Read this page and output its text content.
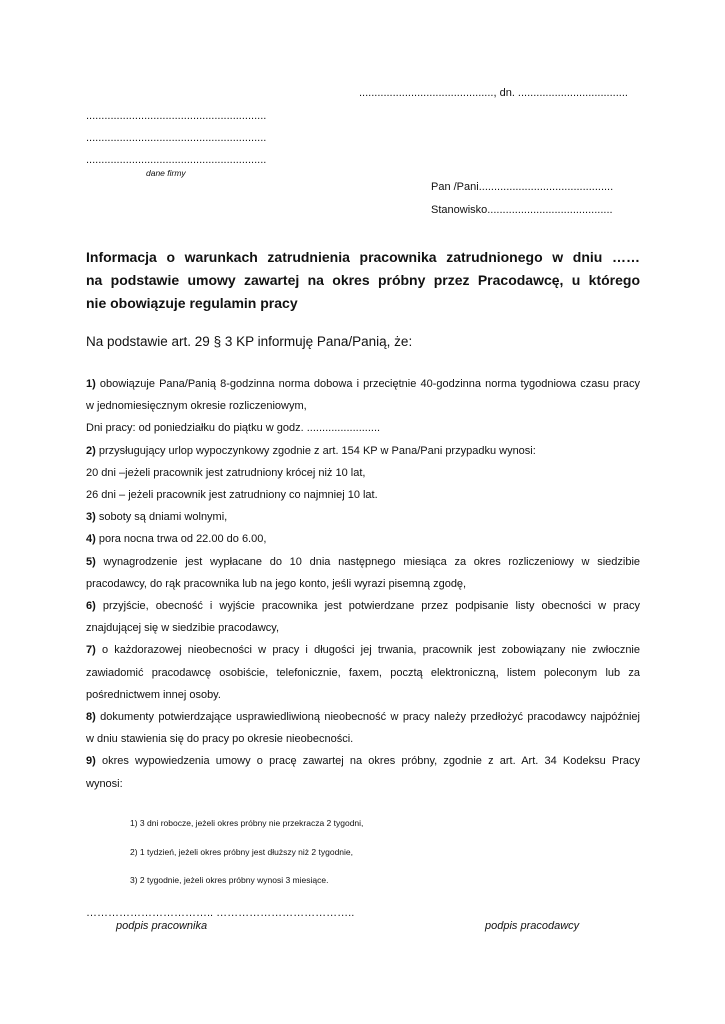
............................................, dn. ....................................
...........................................................
...........................................................
...........................................................
dane firmy
Pan /Pani............................................
Stanowisko.........................................
Informacja o warunkach zatrudnienia pracownika zatrudnionego w dniu ……
na podstawie umowy zawartej na okres próbny przez Pracodawcę, u którego
nie obowiązuje regulamin pracy
Na podstawie art. 29 § 3 KP informuję Pana/Panią, że:
1) obowiązuje Pana/Panią 8-godzinna norma dobowa i przeciętnie 40-godzinna norma tygodniowa czasu pracy
w jednomiesięcznym okresie rozliczeniowym,
Dni pracy: od poniedziałku do piątku w godz. ........................
2) przysługujący urlop wypoczynkowy zgodnie z art. 154 KP w Pana/Pani przypadku wynosi:
20 dni –jeżeli pracownik jest zatrudniony krócej niż 10 lat,
26 dni – jeżeli pracownik jest zatrudniony co najmniej 10 lat.
3) soboty są dniami wolnymi,
4) pora nocna trwa od 22.00 do 6.00,
5) wynagrodzenie jest wypłacane do 10 dnia następnego miesiąca za okres rozliczeniowy w siedzibie
pracodawcy, do rąk pracownika lub na jego konto, jeśli wyrazi pisemną zgodę,
6) przyjście, obecność i wyjście pracownika jest potwierdzane przez podpisanie listy obecności w pracy
znajdującej się w siedzibie pracodawcy,
7) o każdorazowej nieobecności w pracy i długości jej trwania, pracownik jest zobowiązany nie zwłocznie
zawiadomić pracodawcę osobiście, telefonicznie, faxem, pocztą elektroniczną, listem poleconym lub za
pośrednictwem innej osoby.
8) dokumenty potwierdzające usprawiedliwioną nieobecność w pracy należy przedłożyć pracodawcy najpóźniej
w dniu stawienia się do pracy po okresie nieobecności.
9) okres wypowiedzenia umowy o pracę zawartej na okres próbny, zgodnie z art. Art. 34 Kodeksu Pracy
wynosi:
1) 3 dni robocze, jeżeli okres próbny nie przekracza 2 tygodni,
2) 1 tydzień, jeżeli okres próbny jest dłuższy niż 2 tygodnie,
3) 2 tygodnie, jeżeli okres próbny wynosi 3 miesiące.
…………………………….. ………………………………..
podpis pracownika	podpis pracodawcy
